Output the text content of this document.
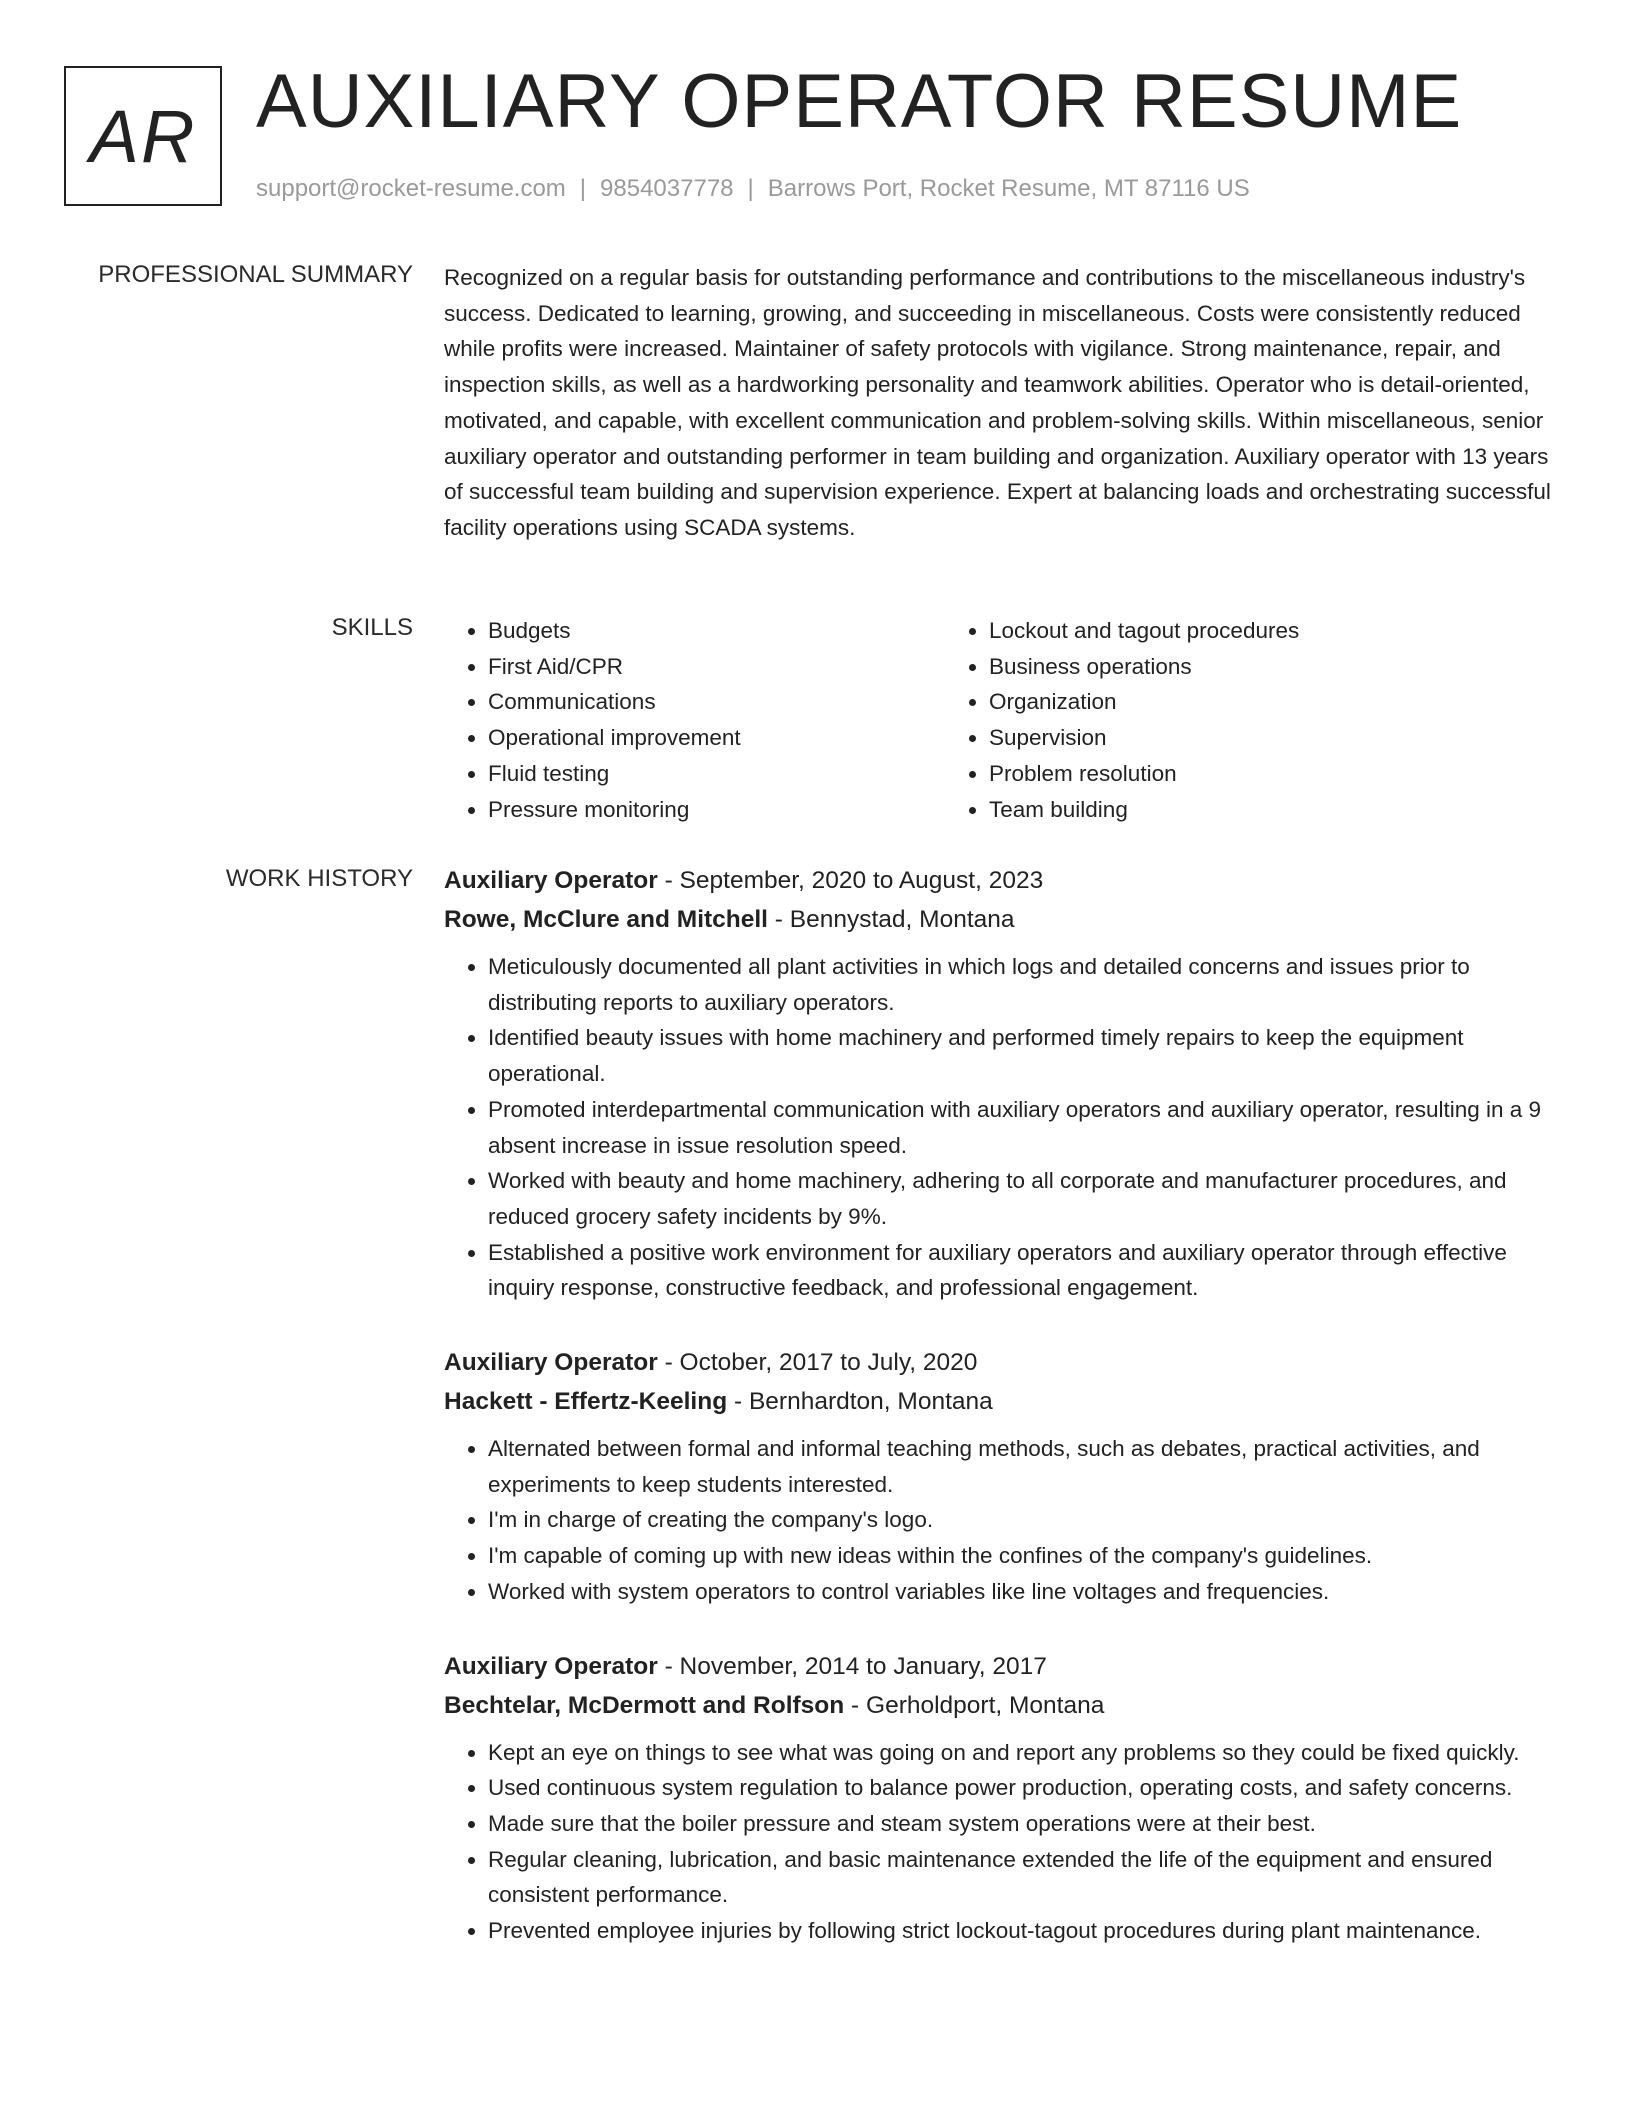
AR AUXILIARY OPERATOR RESUME
support@rocket-resume.com | 9854037778 | Barrows Port, Rocket Resume, MT 87116 US
PROFESSIONAL SUMMARY Recognized on a regular basis for outstanding performance and contributions to the miscellaneous industry's success. Dedicated to learning, growing, and succeeding in miscellaneous. Costs were consistently reduced while profits were increased. Maintainer of safety protocols with vigilance. Strong maintenance, repair, and inspection skills, as well as a hardworking personality and teamwork abilities. Operator who is detail-oriented, motivated, and capable, with excellent communication and problem-solving skills. Within miscellaneous, senior auxiliary operator and outstanding performer in team building and organization. Auxiliary operator with 13 years of successful team building and supervision experience. Expert at balancing loads and orchestrating successful facility operations using SCADA systems.

SKILLS
•	Budgets
• First Aid/CPR
• Communications
• Operational improvement
• Fluid testing
• Pressure monitoring
• Lockout and tagout procedures
• Business operations
• Organization
• Supervision
• Problem resolution
• Team building
WORK HISTORY Auxiliary Operator - September, 2020 to August, 2023
Rowe, McClure and Mitchell - Bennystad, Montana
• Meticulously documented all plant activities in which logs and detailed concerns and issues prior to distributing reports to auxiliary operators.
• Identified beauty issues with home machinery and performed timely repairs to keep the equipment operational.
• Promoted interdepartmental communication with auxiliary operators and auxiliary operator, resulting in a 9 absent increase in issue resolution speed.
• Worked with beauty and home machinery, adhering to all corporate and manufacturer procedures, and reduced grocery safety incidents by 9%.
• Established a positive work environment for auxiliary operators and auxiliary operator through effective inquiry response, constructive feedback, and professional engagement.
Auxiliary Operator - October, 2017 to July, 2020
Hackett - Effertz-Keeling - Bernhardton, Montana
• Alternated between formal and informal teaching methods, such as debates, practical activities, and experiments to keep students interested.
• I'm in charge of creating the company's logo.
• I'm capable of coming up with new ideas within the confines of the company's guidelines.
• Worked with system operators to control variables like line voltages and frequencies.
Auxiliary Operator - November, 2014 to January, 2017
Bechtelar, McDermott and Rolfson - Gerholdport, Montana
• Kept an eye on things to see what was going on and report any problems so they could be fixed quickly.
• Used continuous system regulation to balance power production, operating costs, and safety concerns.
• Made sure that the boiler pressure and steam system operations were at their best.
• Regular cleaning, lubrication, and basic maintenance extended the life of the equipment and ensured consistent performance.
• Prevented employee injuries by following strict lockout-tagout procedures during plant maintenance.
